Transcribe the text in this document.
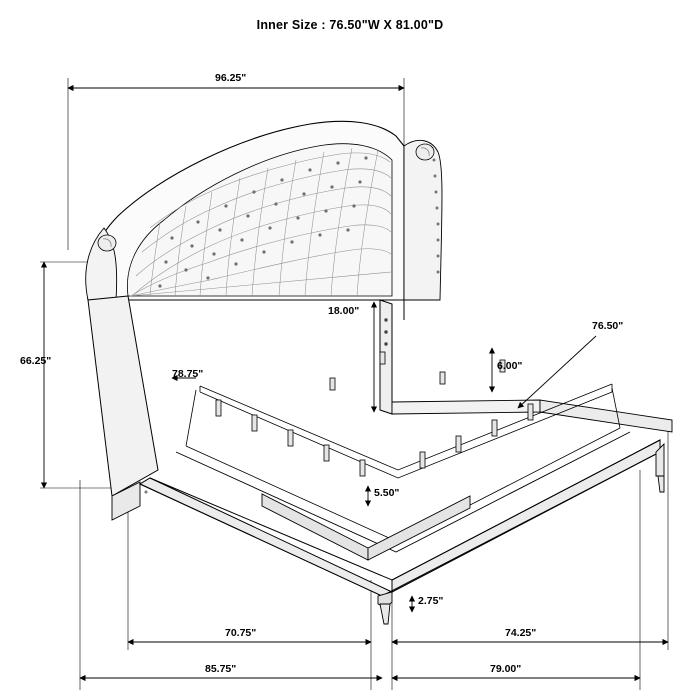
Inner Size : 76.50"W X 81.00"D
96.25"
66.25"
78.75"
18.00"
6.00"
76.50"
5.50"
2.75"
70.75"	74.25"
85.75"	79.00"
